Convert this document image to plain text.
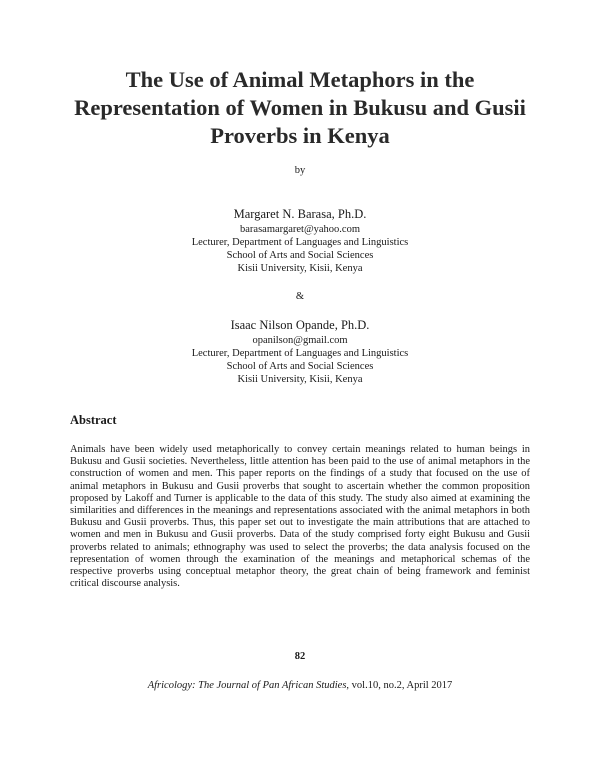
The Use of Animal Metaphors in the Representation of Women in Bukusu and Gusii Proverbs in Kenya
by
Margaret N. Barasa, Ph.D.
barasamargaret@yahoo.com
Lecturer, Department of Languages and Linguistics
School of Arts and Social Sciences
Kisii University, Kisii, Kenya
&
Isaac Nilson Opande, Ph.D.
opanilson@gmail.com
Lecturer, Department of Languages and Linguistics
School of Arts and Social Sciences
Kisii University, Kisii, Kenya
Abstract
Animals have been widely used metaphorically to convey certain meanings related to human beings in Bukusu and Gusii societies. Nevertheless, little attention has been paid to the use of animal metaphors in the construction of women and men. This paper reports on the findings of a study that focused on the use of animal metaphors in Bukusu and Gusii proverbs that sought to ascertain whether the common proposition proposed by Lakoff and Turner is applicable to the data of this study. The study also aimed at examining the similarities and differences in the meanings and representations associated with the animal metaphors in both Bukusu and Gusii proverbs. Thus, this paper set out to investigate the main attributions that are attached to women and men in Bukusu and Gusii proverbs. Data of the study comprised forty eight Bukusu and Gusii proverbs related to animals; ethnography was used to select the proverbs; the data analysis focused on the representation of women through the examination of the meanings and metaphorical schemas of the respective proverbs using conceptual metaphor theory, the great chain of being framework and feminist critical discourse analysis.
82
Africology: The Journal of Pan African Studies, vol.10, no.2, April 2017
